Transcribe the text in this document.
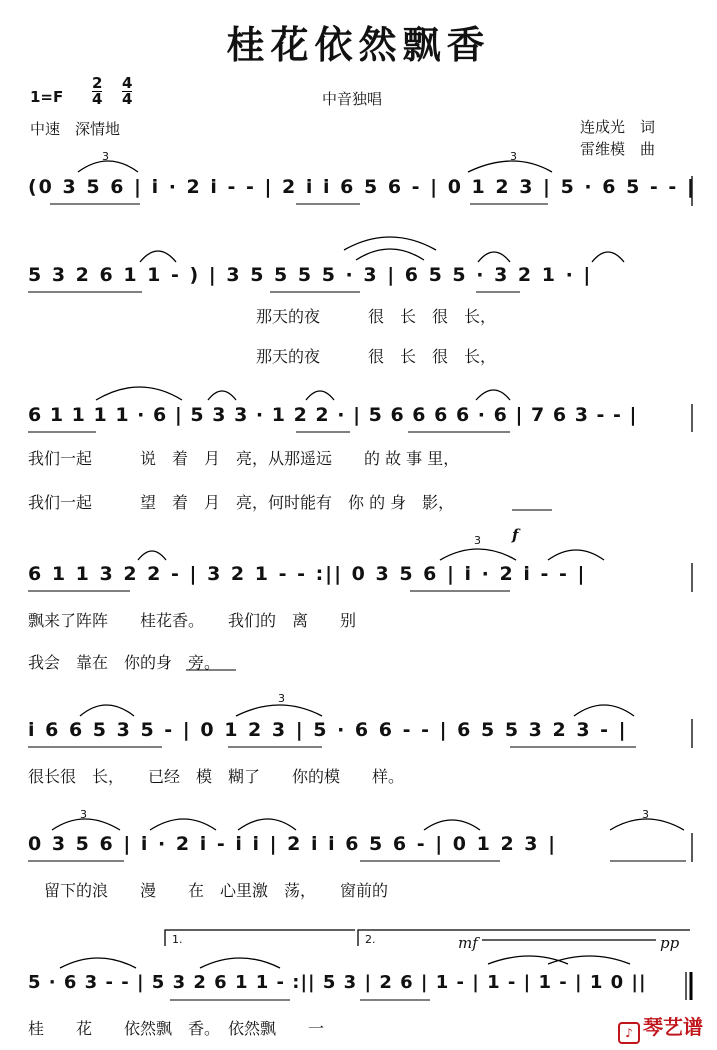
桂花依然飘香
1=F
2
4
4
4	中音独唱
中速　深情地	连成光　词
雷维模　曲
(0 3 5 6 | i · 2 i - - | 2 i i 6 5 6 - | 0 1 2 3 | 5 · 6 5 - - |
5 3 2 6 1 1 - ) | 3 5 5 5 5 · 3 | 6 5 5 · 3 2 1 · |
那天的夜　　　很　长　很　长，
那天的夜　　　很　长　很　长，
6 1 1 1 1 · 6 | 5 3 3 · 1 2 2 · | 5 6 6 6 6 · 6 | 7 6 3 - - |
我们一起　　　说　着　月　亮，从那遥远　　的 故 事 里，
我们一起　　　望　着　月　亮，何时能有　你 的 身　影，
6 1 1 3 2 2 - | 3 2 1 - - :|| 0 3 5 6 | i · 2 i - - |
飘来了阵阵　　桂花香。　　我们的　离　　别
我会　靠在　你的身　旁。
i 6 6 5 3 5 - | 0 1 2 3 | 5 · 6 6 - - | 6 5 5 3 2 3 - |
很长很　长，　　已经　模　糊了　　你的模　　样。
0 3 5 6 | i · 2 i - i i | 2 i i 6 5 6 - | 0 1 2 3 |
留下的浪　　漫　　在　心里激　荡，　　窗前的
5 · 6 3 - - | 5 3 2 6 1 1 - :|| 5 3 | 2 6 | 1 - | 1 - | 1 - | 1 0 ||
桂　　花　　依然飘　香。　依然飘　　一
f
mf	pp
1.	2.
3	3
3
3
3	3
♪ 琴艺谱
